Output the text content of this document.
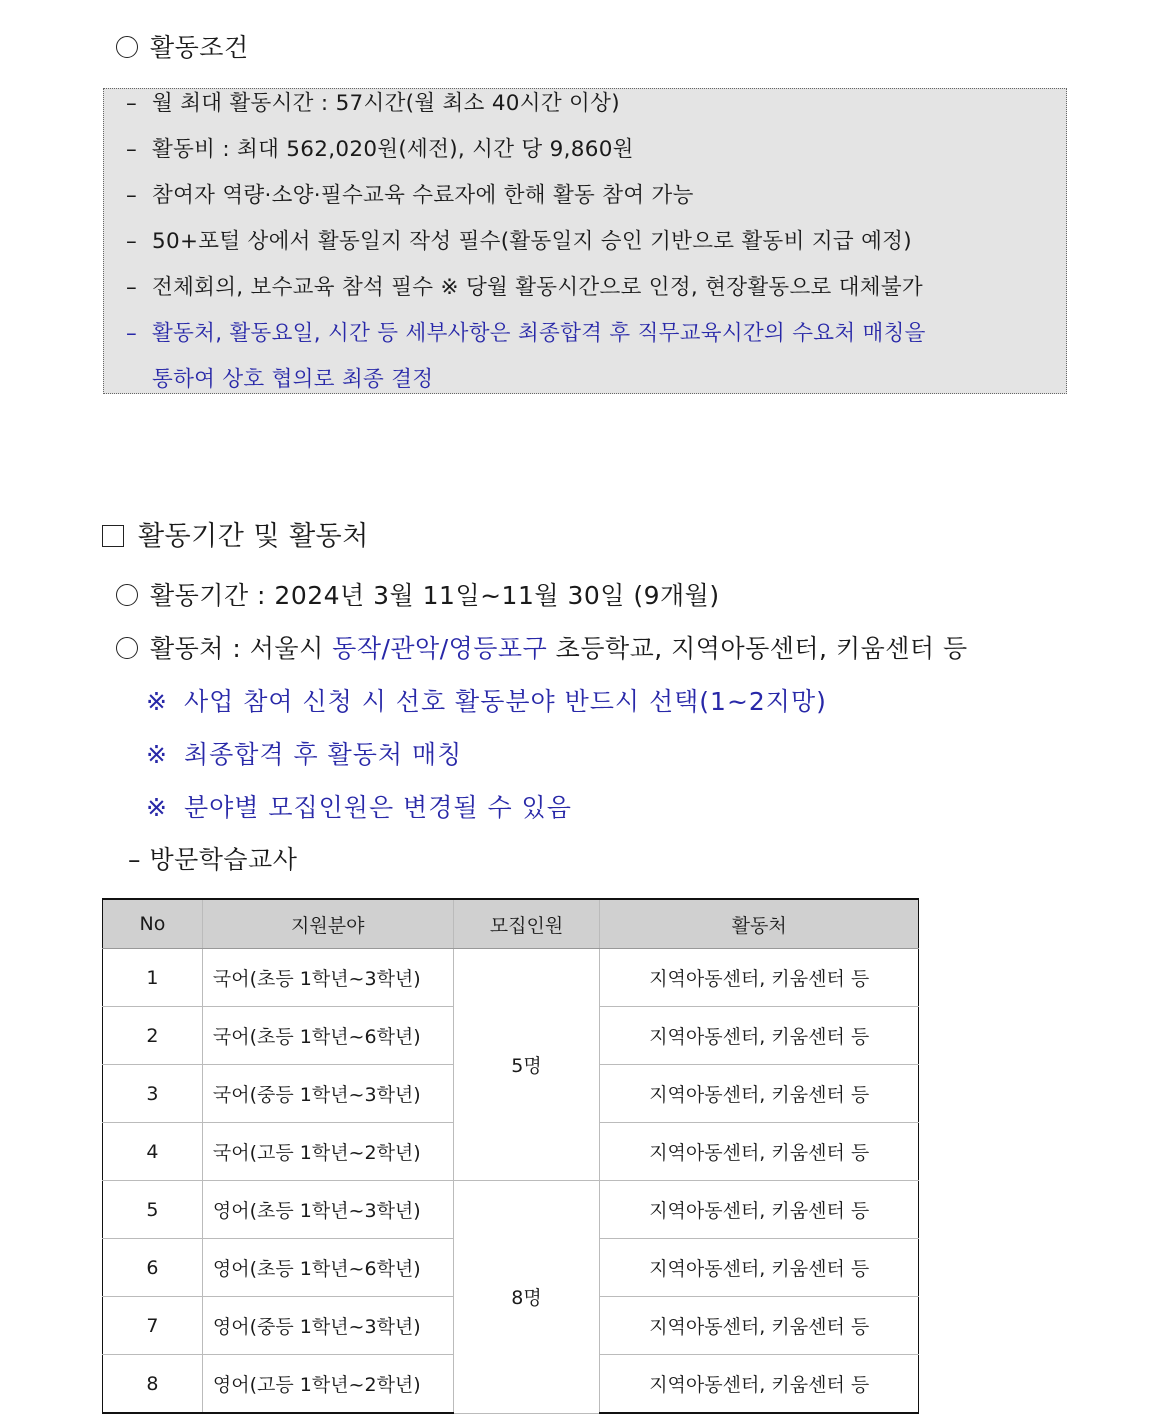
활동조건
– 월 최대 활동시간 : 57시간(월 최소 40시간 이상)
– 활동비 : 최대 562,020원(세전), 시간 당 9,860원
– 참여자 역량·소양·필수교육 수료자에 한해 활동 참여 가능
– 50+포털 상에서 활동일지 작성 필수(활동일지 승인 기반으로 활동비 지급 예정)
– 전체회의, 보수교육 참석 필수 ※ 당월 활동시간으로 인정, 현장활동으로 대체불가
– 활동처, 활동요일, 시간 등 세부사항은 최종합격 후 직무교육시간의 수요처 매칭을
통하여 상호 협의로 최종 결정
활동기간 및 활동처
활동기간 : 2024년 3월 11일~11월 30일 (9개월)
활동처 : 서울시 동작/관악/영등포구 초등학교, 지역아동센터, 키움센터 등
※ 사업 참여 신청 시 선호 활동분야 반드시 선택(1~2지망)
※ 최종합격 후 활동처 매칭
※ 분야별 모집인원은 변경될 수 있음
– 방문학습교사
No	지원분야	모집인원	활동처
1	국어(초등 1학년~3학년)	5명	지역아동센터, 키움센터 등
2	국어(초등 1학년~6학년)		지역아동센터, 키움센터 등
3	국어(중등 1학년~3학년)		지역아동센터, 키움센터 등
4	국어(고등 1학년~2학년)		지역아동센터, 키움센터 등
5	영어(초등 1학년~3학년)	8명	지역아동센터, 키움센터 등
6	영어(초등 1학년~6학년)		지역아동센터, 키움센터 등
7	영어(중등 1학년~3학년)		지역아동센터, 키움센터 등
8	영어(고등 1학년~2학년)		지역아동센터, 키움센터 등
